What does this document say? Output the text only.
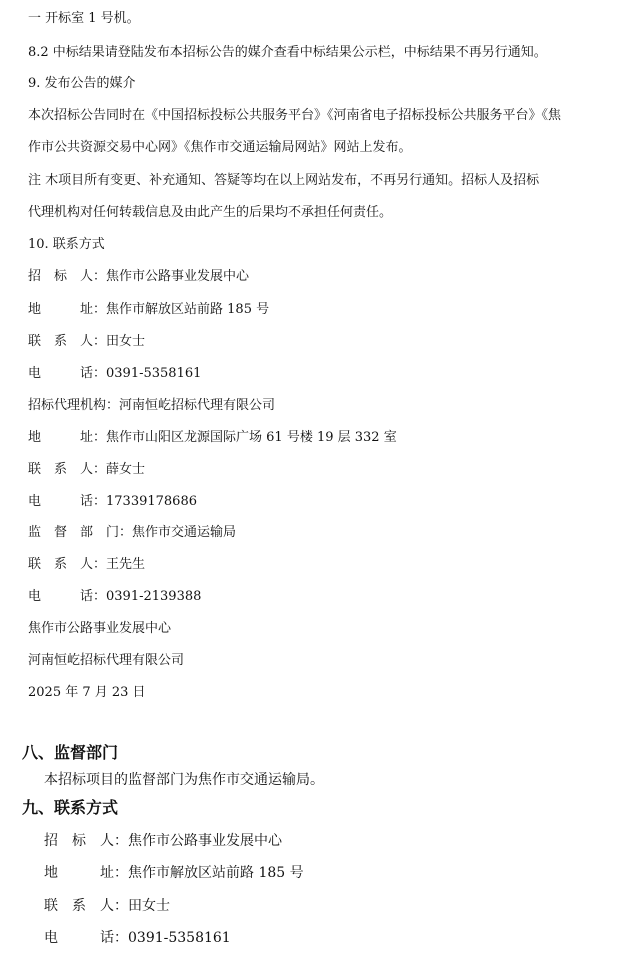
一 开标室 1 号机。
8.2 中标结果请登陆发布本招标公告的媒介查看中标结果公示栏，中标结果不再另行通知。
9. 发布公告的媒介
本次招标公告同时在《中国招标投标公共服务平台》《河南省电子招标投标公共服务平台》《焦
作市公共资源交易中心网》《焦作市交通运输局网站》网站上发布。
注 木项目所有变更、补充通知、答疑等均在以上网站发布，不再另行通知。招标人及招标
代理机构对任何转载信息及由此产生的后果均不承担任何责任。
10. 联系方式
招　标　人：焦作市公路事业发展中心
地　　　址：焦作市解放区站前路 185 号
联　系　人：田女士
电　　　话：0391-5358161
招标代理机构：河南恒屹招标代理有限公司
地　　　址：焦作市山阳区龙源国际广场 61 号楼 19 层 332 室
联　系　人：薛女士
电　　　话：17339178686
监　督　部　门：焦作市交通运输局
联　系　人：王先生
电　　　话：0391-2139388
焦作市公路事业发展中心
河南恒屹招标代理有限公司
2025 年 7 月 23 日
八、监督部门
本招标项目的监督部门为焦作市交通运输局。
九、联系方式
招　标　人：焦作市公路事业发展中心
地　　　址：焦作市解放区站前路 185 号
联　系　人：田女士
电　　　话：0391-5358161
